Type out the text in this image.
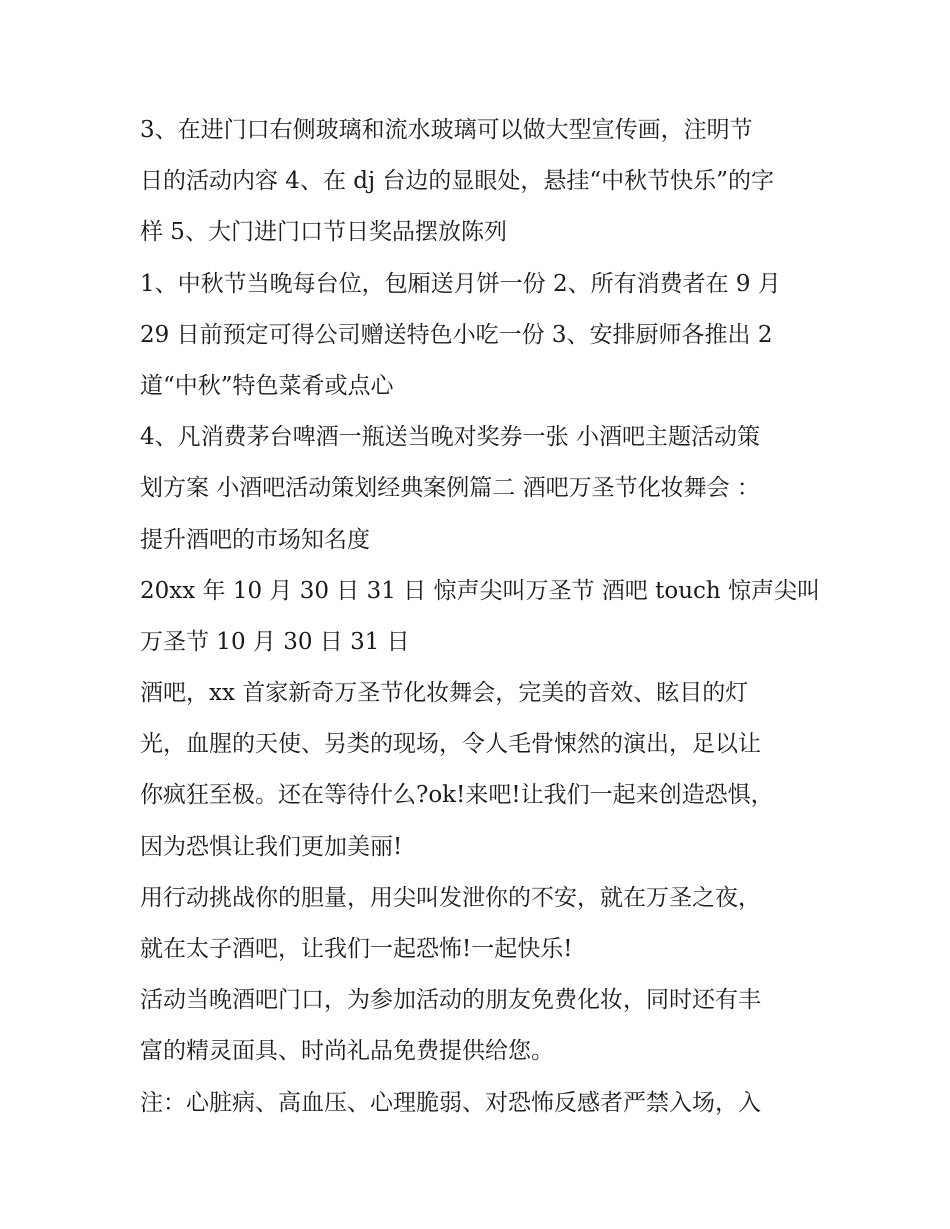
3、在进门口右侧玻璃和流水玻璃可以做大型宣传画，注明节
日的活动内容 4、在 dj 台边的显眼处，悬挂“中秋节快乐”的字
样 5、大门进门口节日奖品摆放陈列

1、中秋节当晚每台位，包厢送月饼一份 2、所有消费者在 9 月
29 日前预定可得公司赠送特色小吃一份 3、安排厨师各推出 2
道“中秋”特色菜肴或点心

4、凡消费茅台啤酒一瓶送当晚对奖券一张 小酒吧主题活动策
划方案 小酒吧活动策划经典案例篇二 酒吧万圣节化妆舞会 ：
提升酒吧的市场知名度

20xx 年 10 月 30 日 31 日 惊声尖叫万圣节 酒吧 touch 惊声尖叫
万圣节 10 月 30 日 31 日

酒吧，xx 首家新奇万圣节化妆舞会，完美的音效、眩目的灯
光，血腥的天使、另类的现场，令人毛骨悚然的演出，足以让
你疯狂至极。还在等待什么?ok!来吧!让我们一起来创造恐惧，
因为恐惧让我们更加美丽!

用行动挑战你的胆量，用尖叫发泄你的不安，就在万圣之夜，
就在太子酒吧，让我们一起恐怖!一起快乐!

活动当晚酒吧门口，为参加活动的朋友免费化妆，同时还有丰
富的精灵面具、时尚礼品免费提供给您。

注：心脏病、高血压、心理脆弱、对恐怖反感者严禁入场，入
